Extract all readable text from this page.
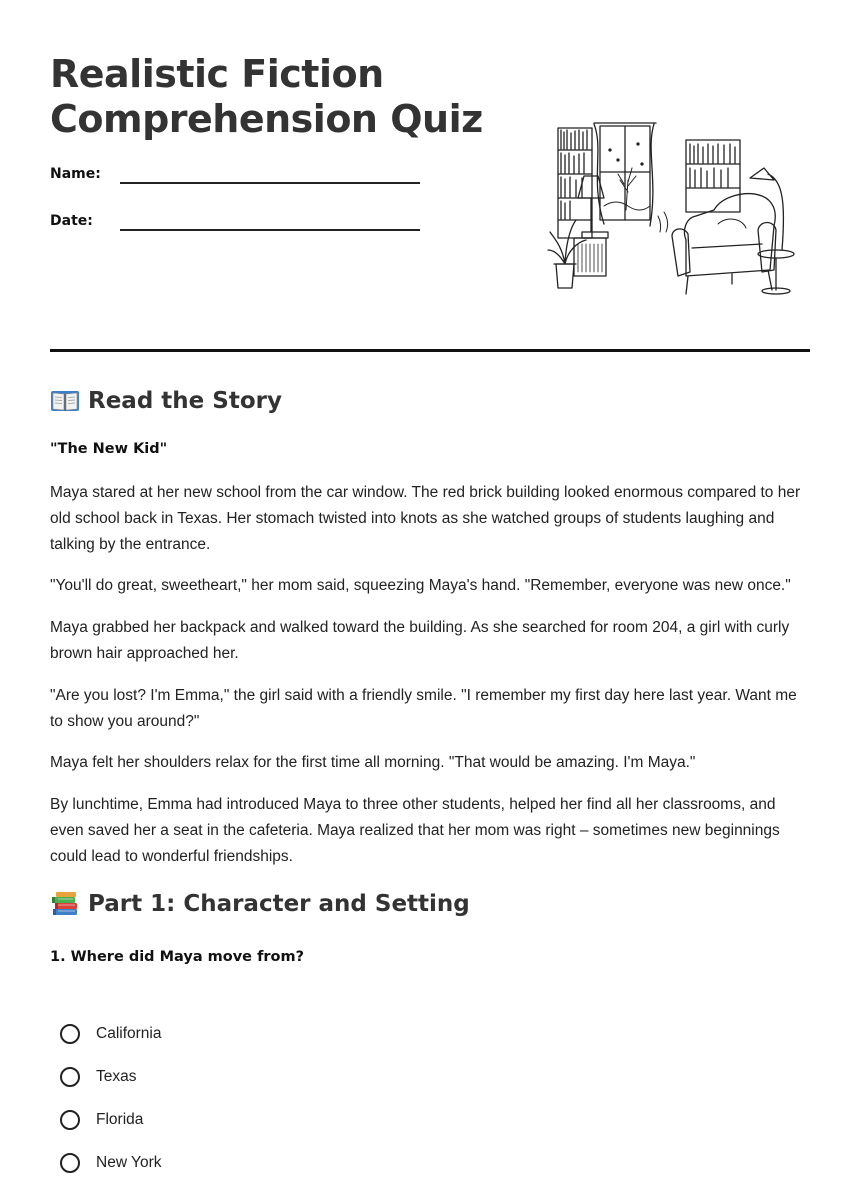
Realistic Fiction
Comprehension Quiz
Name:
Date:
Read the Story
"The New Kid"

Maya stared at her new school from the car window. The red brick building looked enormous compared to her old school back in Texas. Her stomach twisted into knots as she watched groups of students laughing and talking by the entrance.

"You'll do great, sweetheart," her mom said, squeezing Maya's hand. "Remember, everyone was new once."

Maya grabbed her backpack and walked toward the building. As she searched for room 204, a girl with curly brown hair approached her.

"Are you lost? I'm Emma," the girl said with a friendly smile. "I remember my first day here last year. Want me to show you around?"

Maya felt her shoulders relax for the first time all morning. "That would be amazing. I'm Maya."

By lunchtime, Emma had introduced Maya to three other students, helped her find all her classrooms, and even saved her a seat in the cafeteria. Maya realized that her mom was right – sometimes new beginnings could lead to wonderful friendships.

Part 1: Character and Setting
1. Where did Maya move from?
California
Texas
Florida
New York
